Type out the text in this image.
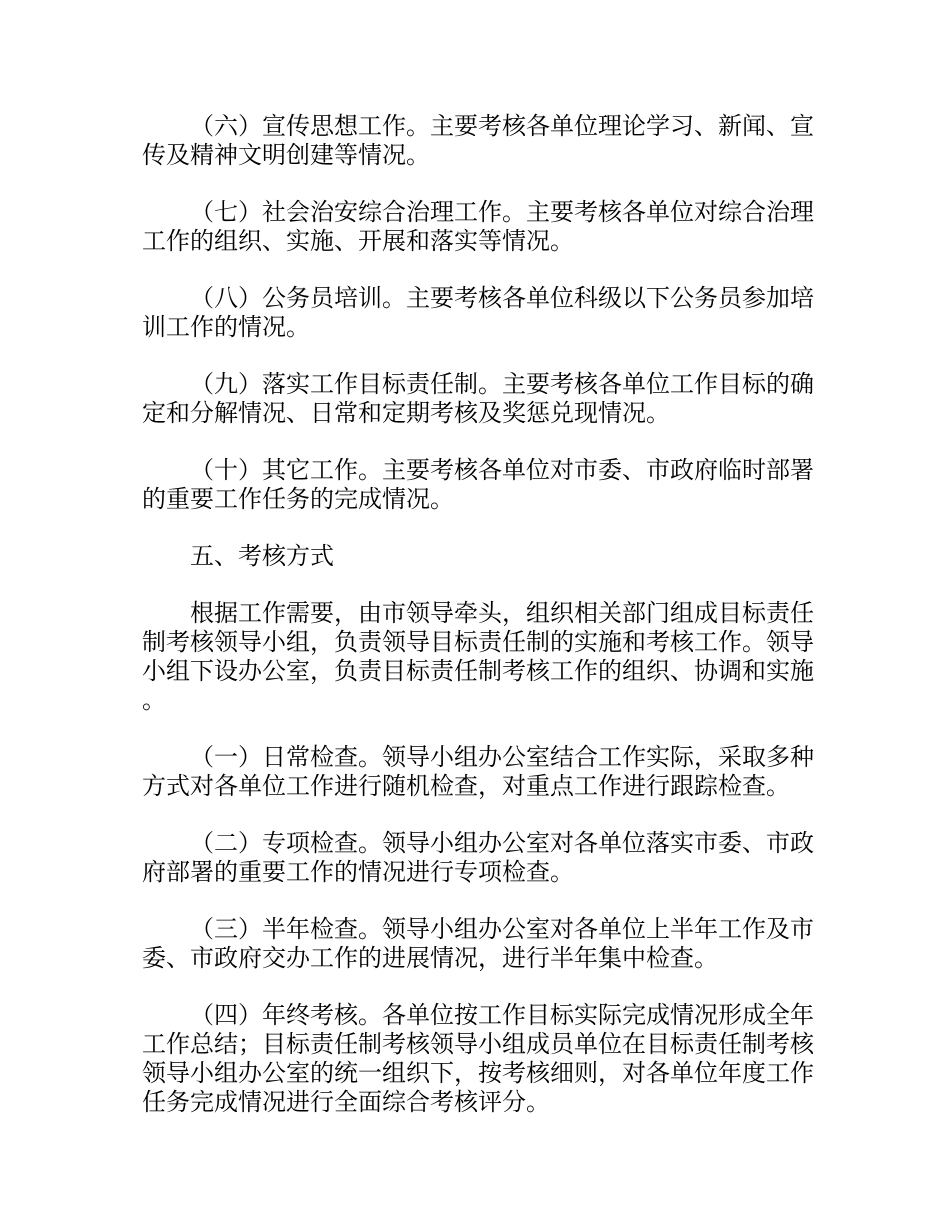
（六）宣传思想工作。主要考核各单位理论学习、新闻、宣传及精神文明创建等情况。

（七）社会治安综合治理工作。主要考核各单位对综合治理工作的组织、实施、开展和落实等情况。

（八）公务员培训。主要考核各单位科级以下公务员参加培训工作的情况。

（九）落实工作目标责任制。主要考核各单位工作目标的确定和分解情况、日常和定期考核及奖惩兑现情况。

（十）其它工作。主要考核各单位对市委、市政府临时部署的重要工作任务的完成情况。

五、考核方式

根据工作需要，由市领导牵头，组织相关部门组成目标责任制考核领导小组，负责领导目标责任制的实施和考核工作。领导小组下设办公室，负责目标责任制考核工作的组织、协调和实施。

（一）日常检查。领导小组办公室结合工作实际，采取多种方式对各单位工作进行随机检查，对重点工作进行跟踪检查。

（二）专项检查。领导小组办公室对各单位落实市委、市政府部署的重要工作的情况进行专项检查。

（三）半年检查。领导小组办公室对各单位上半年工作及市委、市政府交办工作的进展情况，进行半年集中检查。

（四）年终考核。各单位按工作目标实际完成情况形成全年工作总结；目标责任制考核领导小组成员单位在目标责任制考核领导小组办公室的统一组织下，按考核细则，对各单位年度工作任务完成情况进行全面综合考核评分。
